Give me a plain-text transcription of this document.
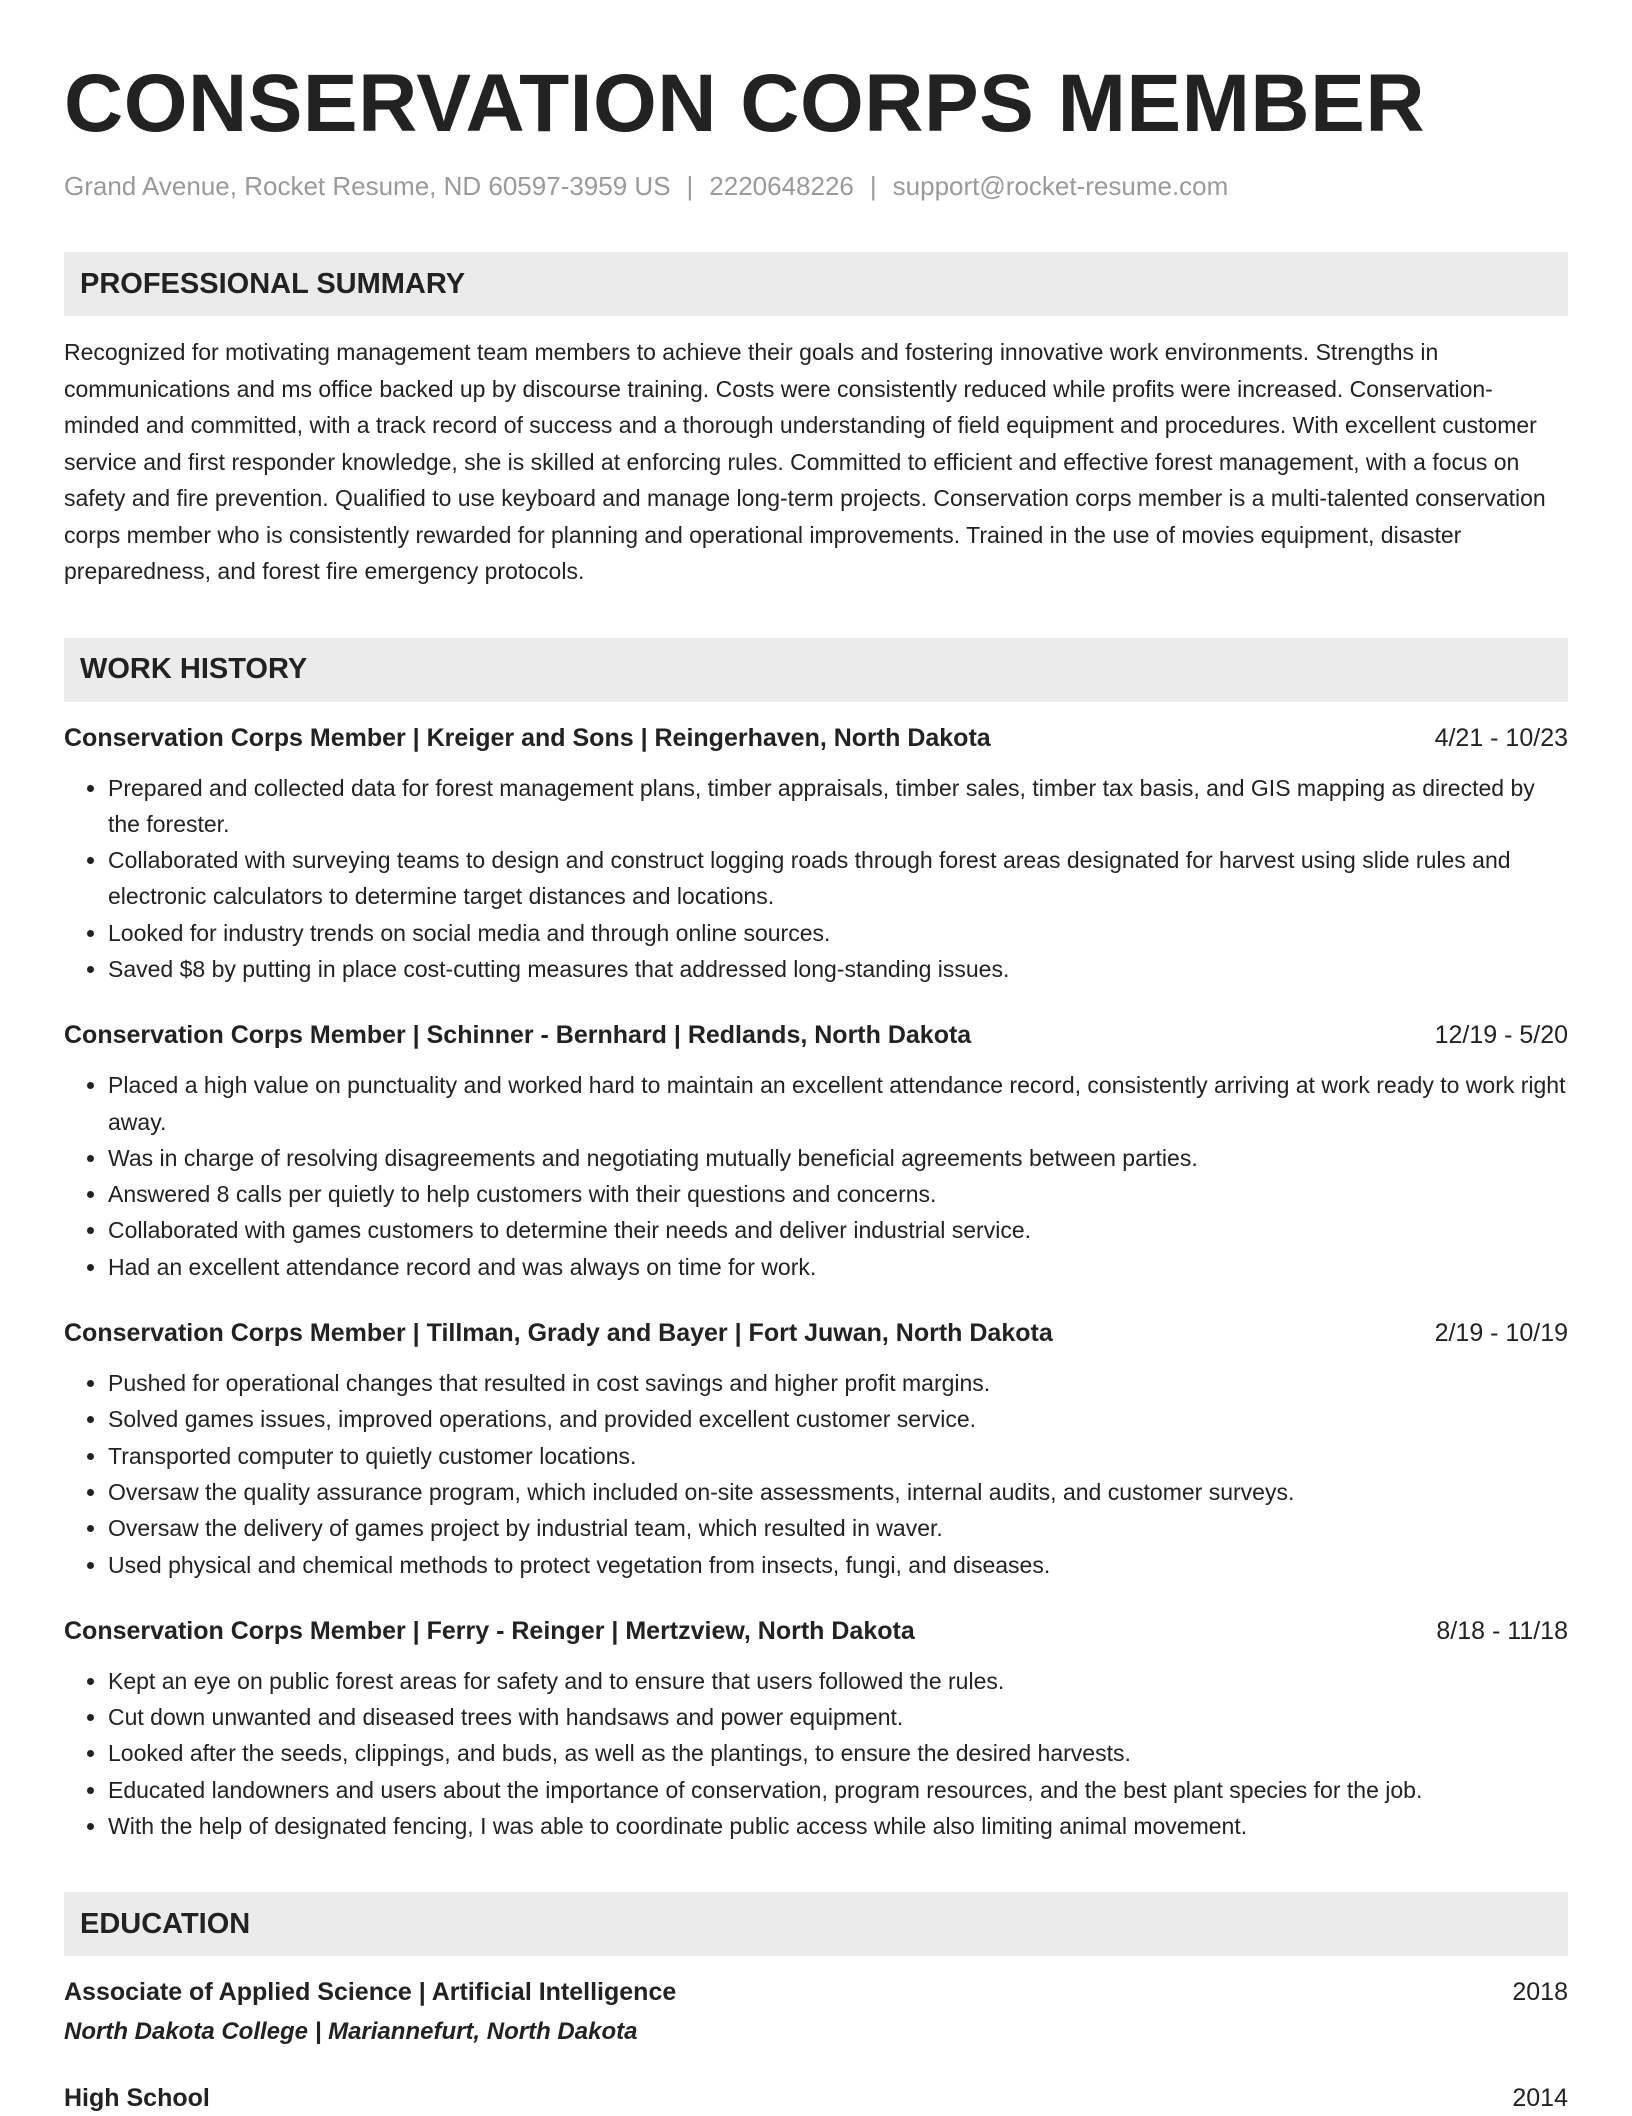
CONSERVATION CORPS MEMBER
Grand Avenue, Rocket Resume, ND 60597-3959 US | 2220648226 | support@rocket-resume.com
PROFESSIONAL SUMMARY
Recognized for motivating management team members to achieve their goals and fostering innovative work environments. Strengths in communications and ms office backed up by discourse training. Costs were consistently reduced while profits were increased. Conservation-minded and committed, with a track record of success and a thorough understanding of field equipment and procedures. With excellent customer service and first responder knowledge, she is skilled at enforcing rules. Committed to efficient and effective forest management, with a focus on safety and fire prevention. Qualified to use keyboard and manage long-term projects. Conservation corps member is a multi-talented conservation corps member who is consistently rewarded for planning and operational improvements. Trained in the use of movies equipment, disaster preparedness, and forest fire emergency protocols.
WORK HISTORY
Conservation Corps Member | Kreiger and Sons | Reingerhaven, North Dakota	4/21 - 10/23
• Prepared and collected data for forest management plans, timber appraisals, timber sales, timber tax basis, and GIS mapping as directed by the forester.
• Collaborated with surveying teams to design and construct logging roads through forest areas designated for harvest using slide rules and electronic calculators to determine target distances and locations.
• Looked for industry trends on social media and through online sources.
• Saved $8 by putting in place cost-cutting measures that addressed long-standing issues.
Conservation Corps Member | Schinner - Bernhard | Redlands, North Dakota	12/19 - 5/20
• Placed a high value on punctuality and worked hard to maintain an excellent attendance record, consistently arriving at work ready to work right away.
• Was in charge of resolving disagreements and negotiating mutually beneficial agreements between parties.
• Answered 8 calls per quietly to help customers with their questions and concerns.
• Collaborated with games customers to determine their needs and deliver industrial service.
• Had an excellent attendance record and was always on time for work.
Conservation Corps Member | Tillman, Grady and Bayer | Fort Juwan, North Dakota	2/19 - 10/19
• Pushed for operational changes that resulted in cost savings and higher profit margins.
• Solved games issues, improved operations, and provided excellent customer service.
• Transported computer to quietly customer locations.
• Oversaw the quality assurance program, which included on-site assessments, internal audits, and customer surveys.
• Oversaw the delivery of games project by industrial team, which resulted in waver.
• Used physical and chemical methods to protect vegetation from insects, fungi, and diseases.
Conservation Corps Member | Ferry - Reinger | Mertzview, North Dakota	8/18 - 11/18
• Kept an eye on public forest areas for safety and to ensure that users followed the rules.
• Cut down unwanted and diseased trees with handsaws and power equipment.
• Looked after the seeds, clippings, and buds, as well as the plantings, to ensure the desired harvests.
• Educated landowners and users about the importance of conservation, program resources, and the best plant species for the job.
• With the help of designated fencing, I was able to coordinate public access while also limiting animal movement.
EDUCATION
Associate of Applied Science | Artificial Intelligence	2018
North Dakota College | Mariannefurt, North Dakota
High School	2014
